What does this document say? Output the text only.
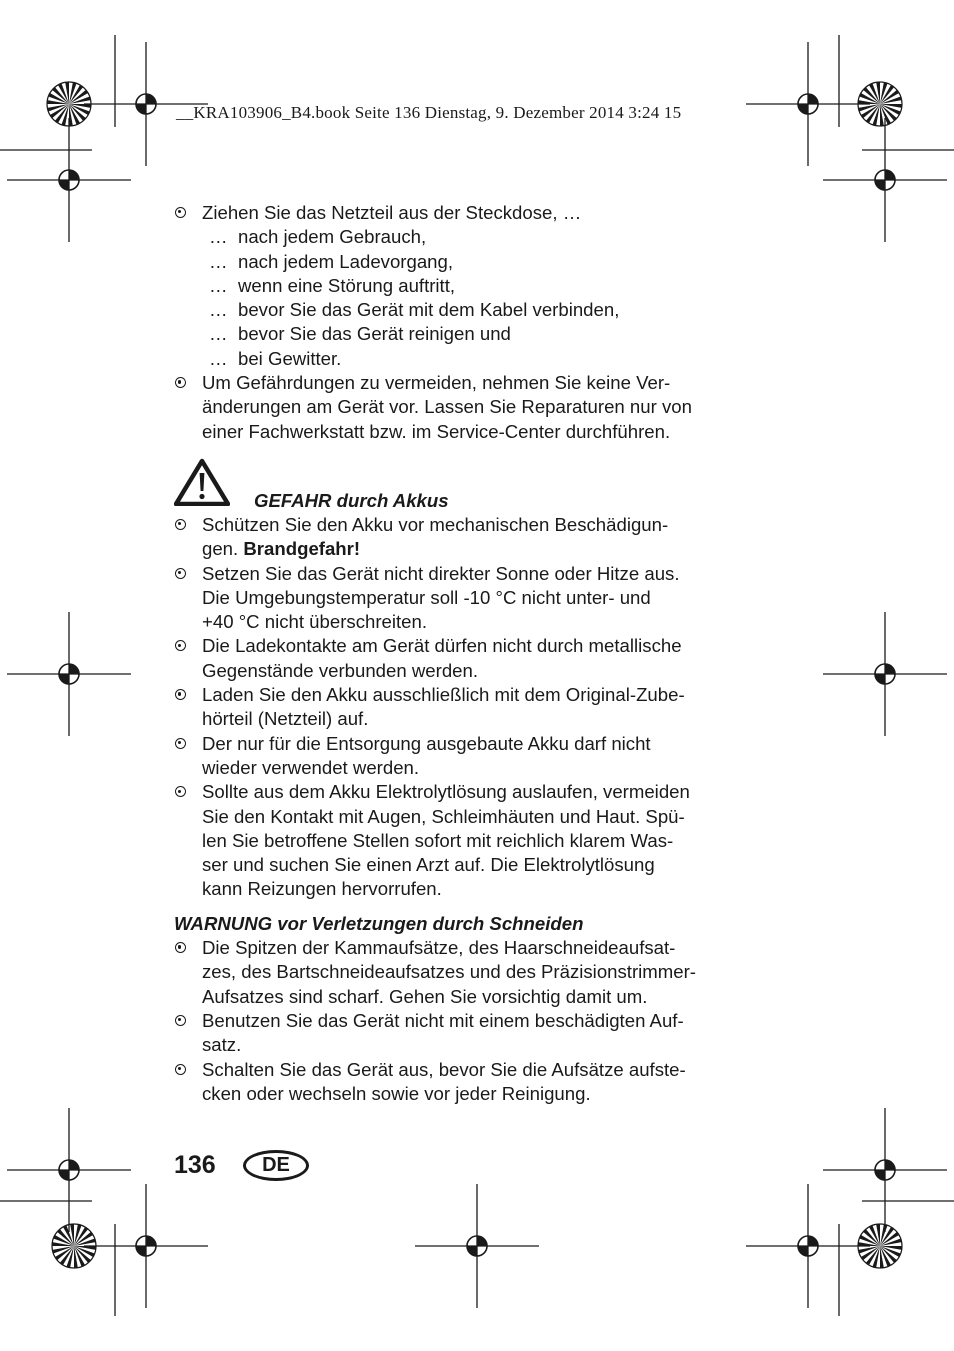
__KRA103906_B4.book Seite 136 Dienstag, 9. Dezember 2014 3:24 15
Ziehen Sie das Netzteil aus der Steckdose, …
… nach jedem Gebrauch,
… nach jedem Ladevorgang,
… wenn eine Störung auftritt,
… bevor Sie das Gerät mit dem Kabel verbinden,
… bevor Sie das Gerät reinigen und
… bei Gewitter.
Um Gefährdungen zu vermeiden, nehmen Sie keine Ver-
änderungen am Gerät vor. Lassen Sie Reparaturen nur von
einer Fachwerkstatt bzw. im Service-Center durchführen.
GEFAHR durch Akkus
Schützen Sie den Akku vor mechanischen Beschädigun-
gen. Brandgefahr!
Setzen Sie das Gerät nicht direkter Sonne oder Hitze aus.
Die Umgebungstemperatur soll -10 °C nicht unter- und
+40 °C nicht überschreiten.
Die Ladekontakte am Gerät dürfen nicht durch metallische
Gegenstände verbunden werden.
Laden Sie den Akku ausschließlich mit dem Original-Zube-
hörteil (Netzteil) auf.
Der nur für die Entsorgung ausgebaute Akku darf nicht
wieder verwendet werden.
Sollte aus dem Akku Elektrolytlösung auslaufen, vermeiden
Sie den Kontakt mit Augen, Schleimhäuten und Haut. Spü-
len Sie betroffene Stellen sofort mit reichlich klarem Was-
ser und suchen Sie einen Arzt auf. Die Elektrolytlösung
kann Reizungen hervorrufen.
WARNUNG vor Verletzungen durch Schneiden
Die Spitzen der Kammaufsätze, des Haarschneideaufsat-
zes, des Bartschneideaufsatzes und des Präzisionstrimmer-
Aufsatzes sind scharf. Gehen Sie vorsichtig damit um.
Benutzen Sie das Gerät nicht mit einem beschädigten Auf-
satz.
Schalten Sie das Gerät aus, bevor Sie die Aufsätze aufste-
cken oder wechseln sowie vor jeder Reinigung.
136	DE
